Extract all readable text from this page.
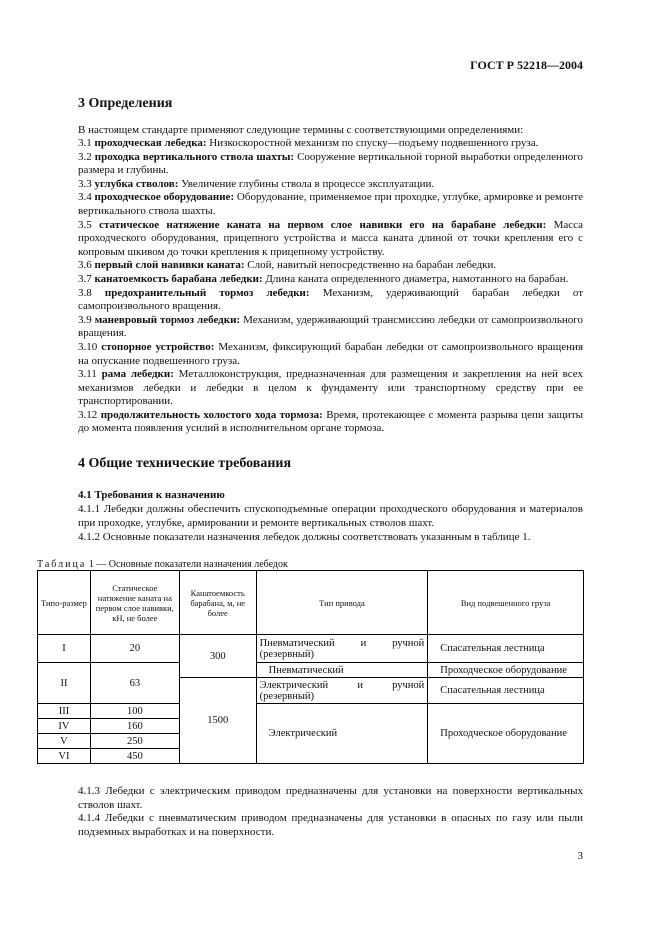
ГОСТ Р 52218—2004
3 Определения
В настоящем стандарте применяют следующие термины с соответствующими определениями:
3.1 проходческая лебедка: Низкоскоростной механизм по спуску—подъему подвешенного груза.
3.2 проходка вертикального ствола шахты: Сооружение вертикальной горной выработки определенного размера и глубины.
3.3 углубка стволов: Увеличение глубины ствола в процессе эксплуатации.
3.4 проходческое оборудование: Оборудование, применяемое при проходке, углубке, армировке и ремонте вертикального ствола шахты.
3.5 статическое натяжение каната на первом слое навивки его на барабане лебедки: Масса проходческого оборудования, прицепного устройства и масса каната длиной от точки крепления его с копровым шкивом до точки крепления к прицепному устройству.
3.6 первый слой навивки каната: Слой, навитый непосредственно на барабан лебедки.
3.7 канатоемкость барабана лебедки: Длина каната определенного диаметра, намотанного на барабан.
3.8 предохранительный тормоз лебедки: Механизм, удерживающий барабан лебедки от самопроизвольного вращения.
3.9 маневровый тормоз лебедки: Механизм, удерживающий трансмиссию лебедки от самопроизвольного вращения.
3.10 стопорное устройство: Механизм, фиксирующий барабан лебедки от самопроизвольного вращения на опускание подвешенного груза.
3.11 рама лебедки: Металлоконструкция, предназначенная для размещения и закрепления на ней всех механизмов лебедки и лебедки в целом к фундаменту или транспортному средству при ее транспортировании.
3.12 продолжительность холостого хода тормоза: Время, протекающее с момента разрыва цепи защиты до момента появления усилий в исполнительном органе тормоза.
4 Общие технические требования
4.1 Требования к назначению
4.1.1 Лебедки должны обеспечить спускоподъемные операции проходческого оборудования и материалов при проходке, углубке, армировании и ремонте вертикальных стволов шахт.
4.1.2 Основные показатели назначения лебедок должны соответствовать указанным в таблице 1.
Таблица 1 — Основные показатели назначения лебедок
Типо-размер	Статическое натяжение каната на первом слое навивки, кН, не более	Канатоемкость барабана, м, не более	Тип привода	Вид подвешенного груза
I	20	300	Пневматический и ручной (резервный)	Спасательная лестница
II	63		Пневматический	Проходческое оборудование
		1500	Электрический и ручной (резервный)	Спасательная лестница
III	100		Электрический	Проходческое оборудование
IV	160			
V	250			
VI	450			
4.1.3 Лебедки с электрическим приводом предназначены для установки на поверхности вертикальных стволов шахт.
4.1.4 Лебедки с пневматическим приводом предназначены для установки в опасных по газу или пыли подземных выработках и на поверхности.
3
